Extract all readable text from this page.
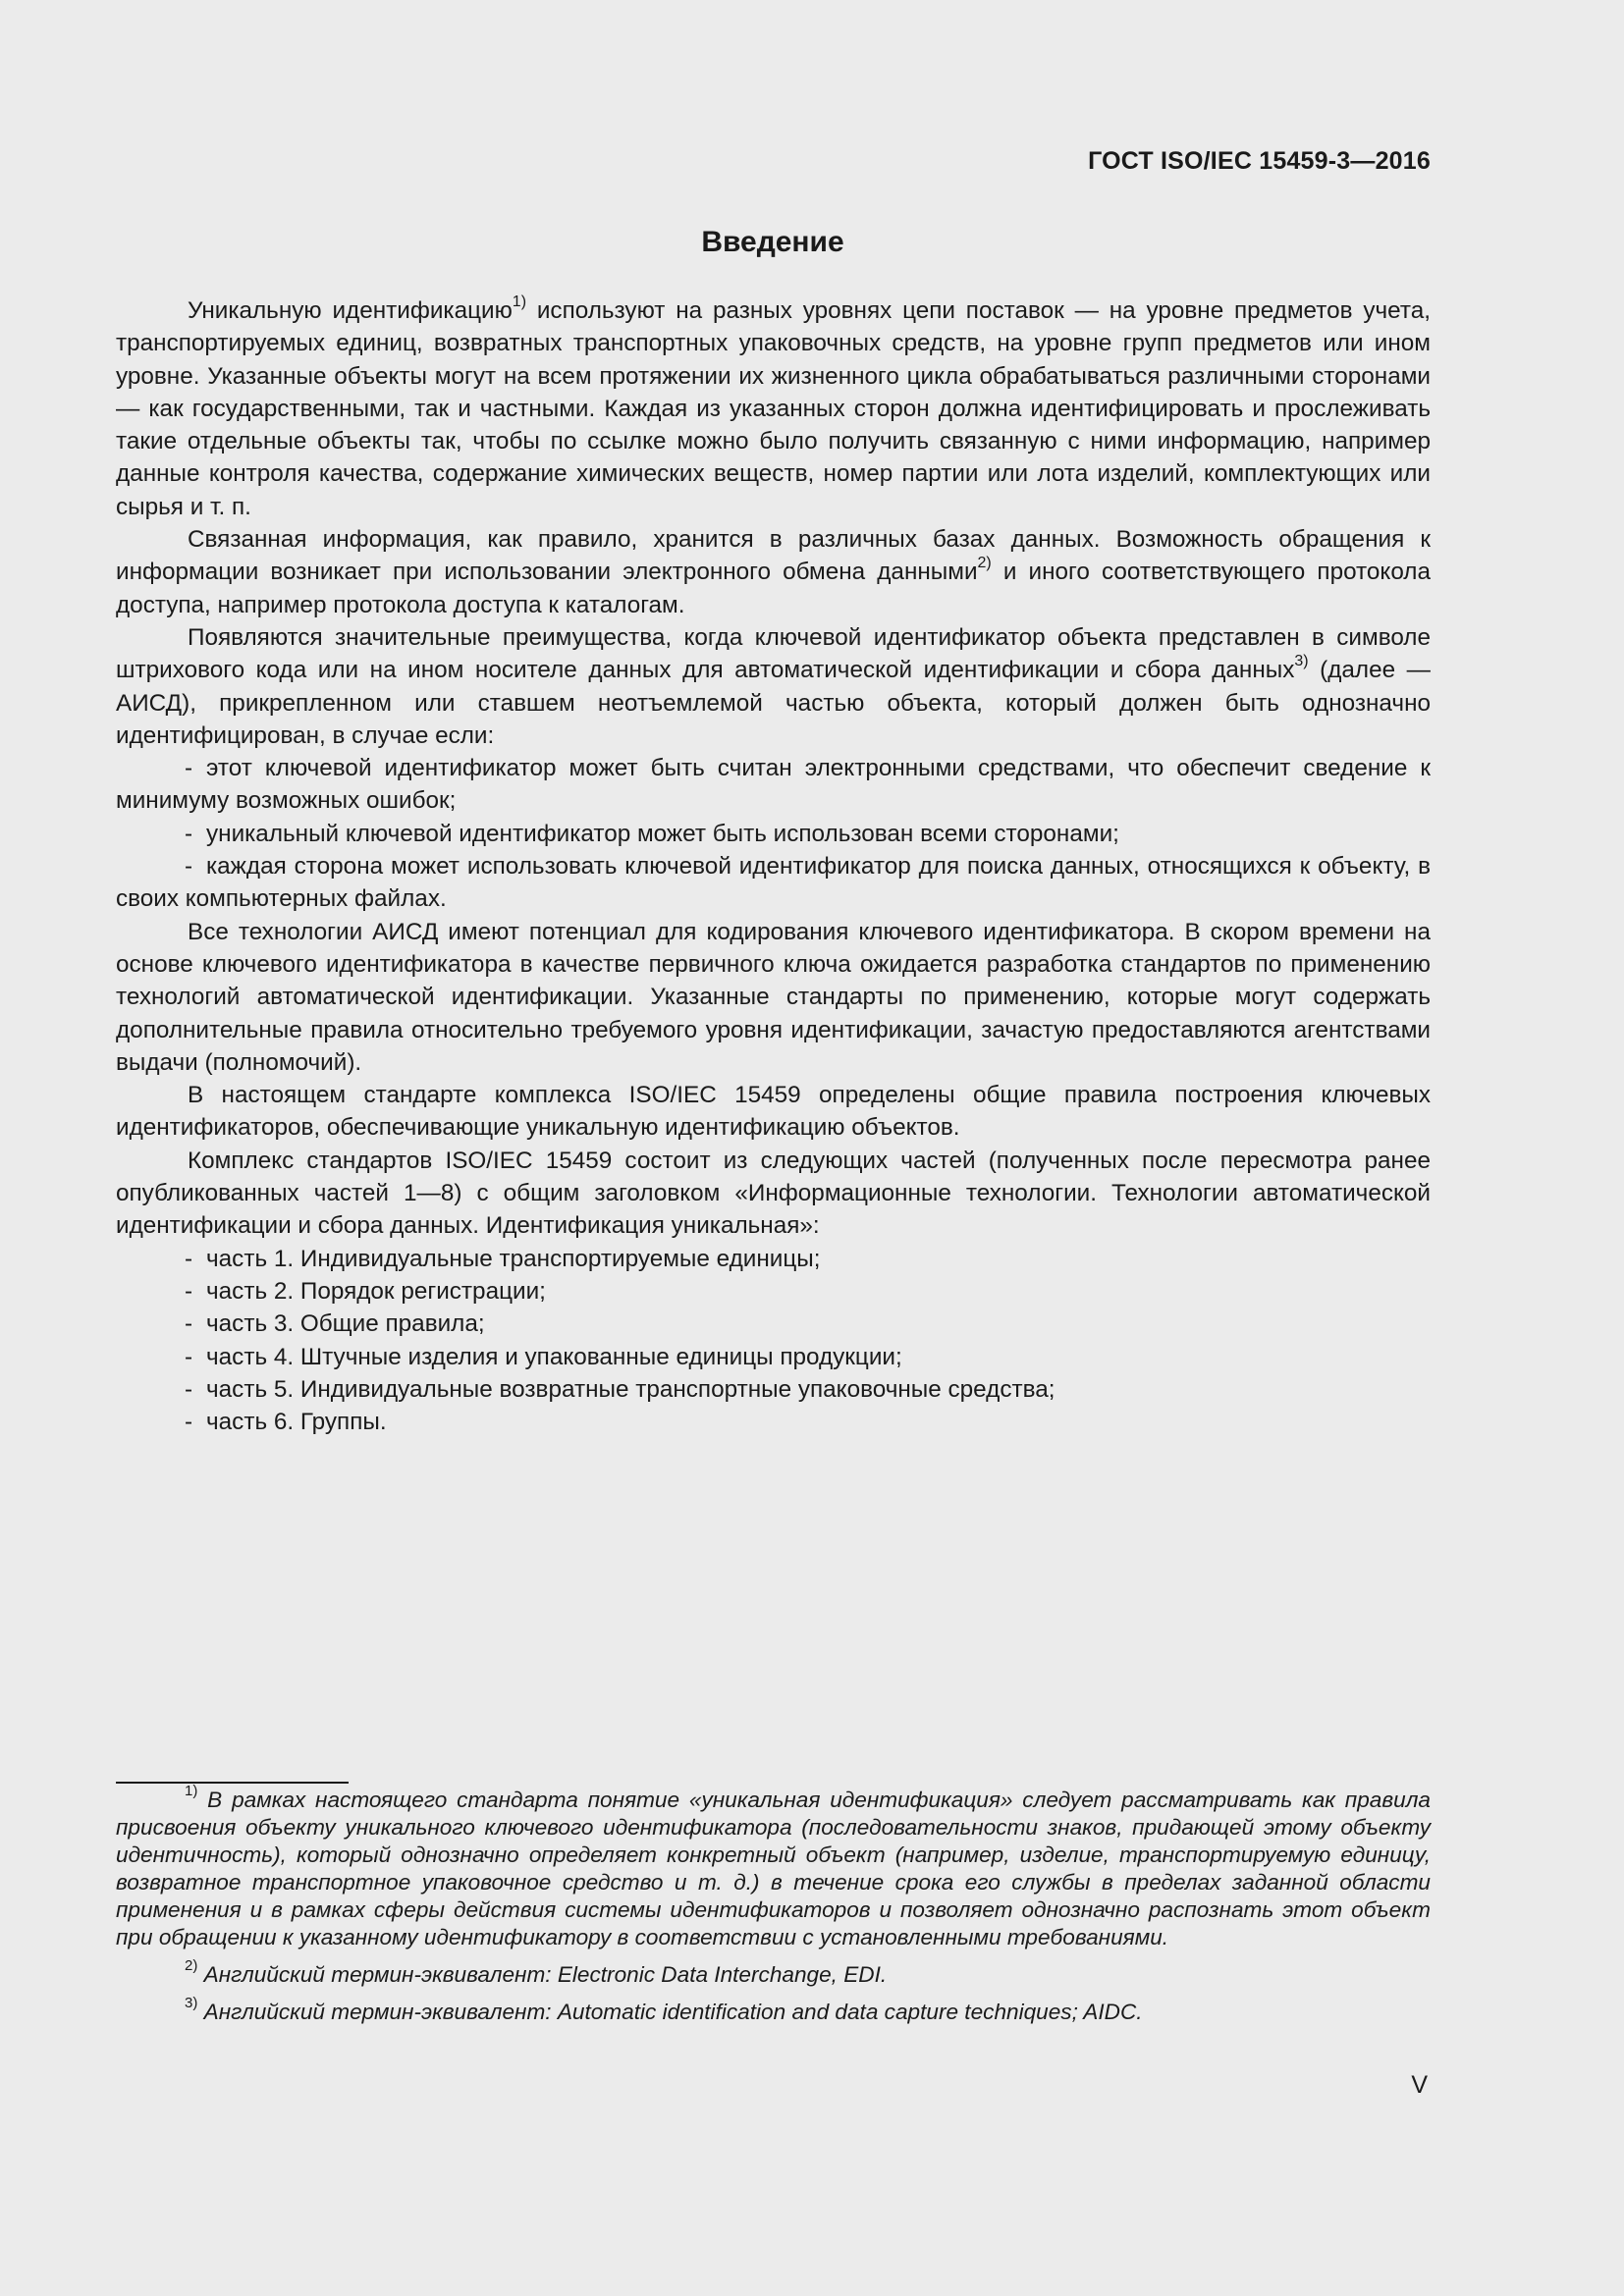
ГОСТ ISO/IEC 15459-3—2016
Введение

Уникальную идентификацию$^{1)}$ используют на разных уровнях цепи поставок — на уровне предметов учета, транспортируемых единиц, возвратных транспортных упаковочных средств, на уровне групп предметов или ином уровне. Указанные объекты могут на всем протяжении их жизненного цикла обрабатываться различными сторонами — как государственными, так и частными. Каждая из указанных сторон должна идентифицировать и прослеживать такие отдельные объекты так, чтобы по ссылке можно было получить связанную с ними информацию, например данные контроля качества, содержание химических веществ, номер партии или лота изделий, комплектующих или сырья и т. п.

Связанная информация, как правило, хранится в различных базах данных. Возможность обращения к информации возникает при использовании электронного обмена данными$^{2)}$ и иного соответствующего протокола доступа, например протокола доступа к каталогам.

Появляются значительные преимущества, когда ключевой идентификатор объекта представлен в символе штрихового кода или на ином носителе данных для автоматической идентификации и сбора данных$^{3)}$ (далее — АИСД), прикрепленном или ставшем неотъемлемой частью объекта, который должен быть однозначно идентифицирован, в случае если:

- этот ключевой идентификатор может быть считан электронными средствами, что обеспечит сведение к минимуму возможных ошибок;

- уникальный ключевой идентификатор может быть использован всеми сторонами;

- каждая сторона может использовать ключевой идентификатор для поиска данных, относящихся к объекту, в своих компьютерных файлах.

Все технологии АИСД имеют потенциал для кодирования ключевого идентификатора. В скором времени на основе ключевого идентификатора в качестве первичного ключа ожидается разработка стандартов по применению технологий автоматической идентификации. Указанные стандарты по применению, которые могут содержать дополнительные правила относительно требуемого уровня идентификации, зачастую предоставляются агентствами выдачи (полномочий).

В настоящем стандарте комплекса ISO/IEC 15459 определены общие правила построения ключевых идентификаторов, обеспечивающие уникальную идентификацию объектов.

Комплекс стандартов ISO/IEC 15459 состоит из следующих частей (полученных после пересмотра ранее опубликованных частей 1—8) с общим заголовком «Информационные технологии. Технологии автоматической идентификации и сбора данных. Идентификация уникальная»:

- часть 1. Индивидуальные транспортируемые единицы;

- часть 2. Порядок регистрации;

- часть 3. Общие правила;

- часть 4. Штучные изделия и упакованные единицы продукции;

- часть 5. Индивидуальные возвратные транспортные упаковочные средства;

- часть 6. Группы.

$^{1)}$ В рамках настоящего стандарта понятие «уникальная идентификация» следует рассматривать как правила присвоения объекту уникального ключевого идентификатора (последовательности знаков, придающей этому объекту идентичность), который однозначно определяет конкретный объект (например, изделие, транспортируемую единицу, возвратное транспортное упаковочное средство и т. д.) в течение срока его службы в пределах заданной области применения и в рамках сферы действия системы идентификаторов и позволяет однозначно распознать этот объект при обращении к указанному идентификатору в соответствии с установленными требованиями.

$^{2)}$ Английский термин-эквивалент: Electronic Data Interchange, EDI.

$^{3)}$ Английский термин-эквивалент: Automatic identification and data capture techniques; AIDC.

V
